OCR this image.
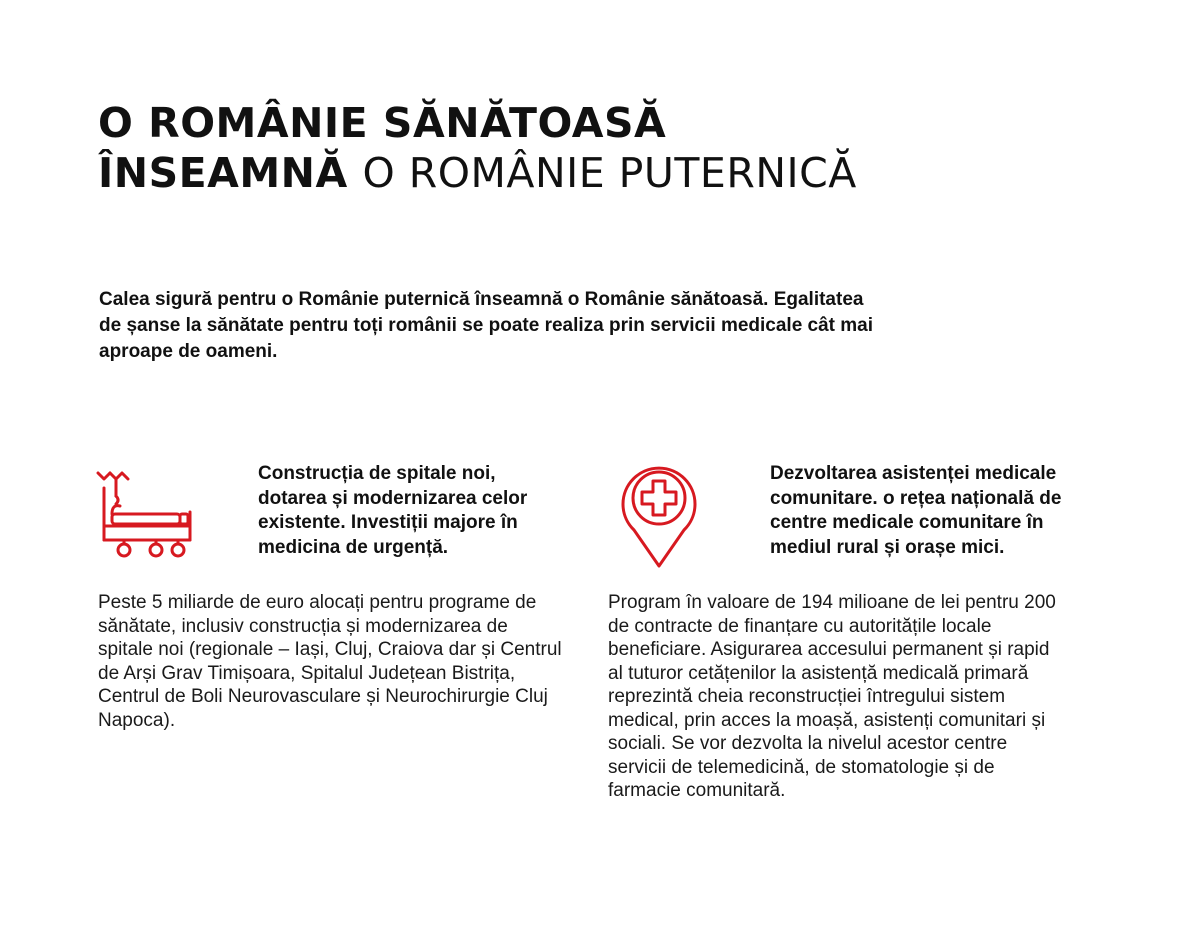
O ROMÂNIE SĂNĂTOASĂ
ÎNSEAMNĂ O ROMÂNIE PUTERNICĂ

Calea sigură pentru o Românie puternică înseamnă o Românie sănătoasă. Egalitatea de șanse la sănătate pentru toți românii se poate realiza prin servicii medicale cât mai aproape de oameni.

Construcția de spitale noi, dotarea și modernizarea celor existente. Investiții majore în medicina de urgență.

Peste 5 miliarde de euro alocați pentru programe de sănătate, inclusiv construcția și modernizarea de spitale noi (regionale – Iași, Cluj, Craiova dar și Centrul de Arși Grav Timișoara, Spitalul Județean Bistrița, Centrul de Boli Neurovasculare și Neurochirurgie Cluj Napoca).

Dezvoltarea asistenței medicale comunitare. o rețea națională de centre medicale comunitare în mediul rural și orașe mici.

Program în valoare de 194 milioane de lei pentru 200 de contracte de finanțare cu autoritățile locale beneficiare. Asigurarea accesului permanent și rapid al tuturor cetățenilor la asistență medicală primară reprezintă cheia reconstrucției întregului sistem medical, prin acces la moașă, asistenți comunitari și sociali. Se vor dezvolta la nivelul acestor centre servicii de telemedicină, de stomatologie și de farmacie comunitară.
